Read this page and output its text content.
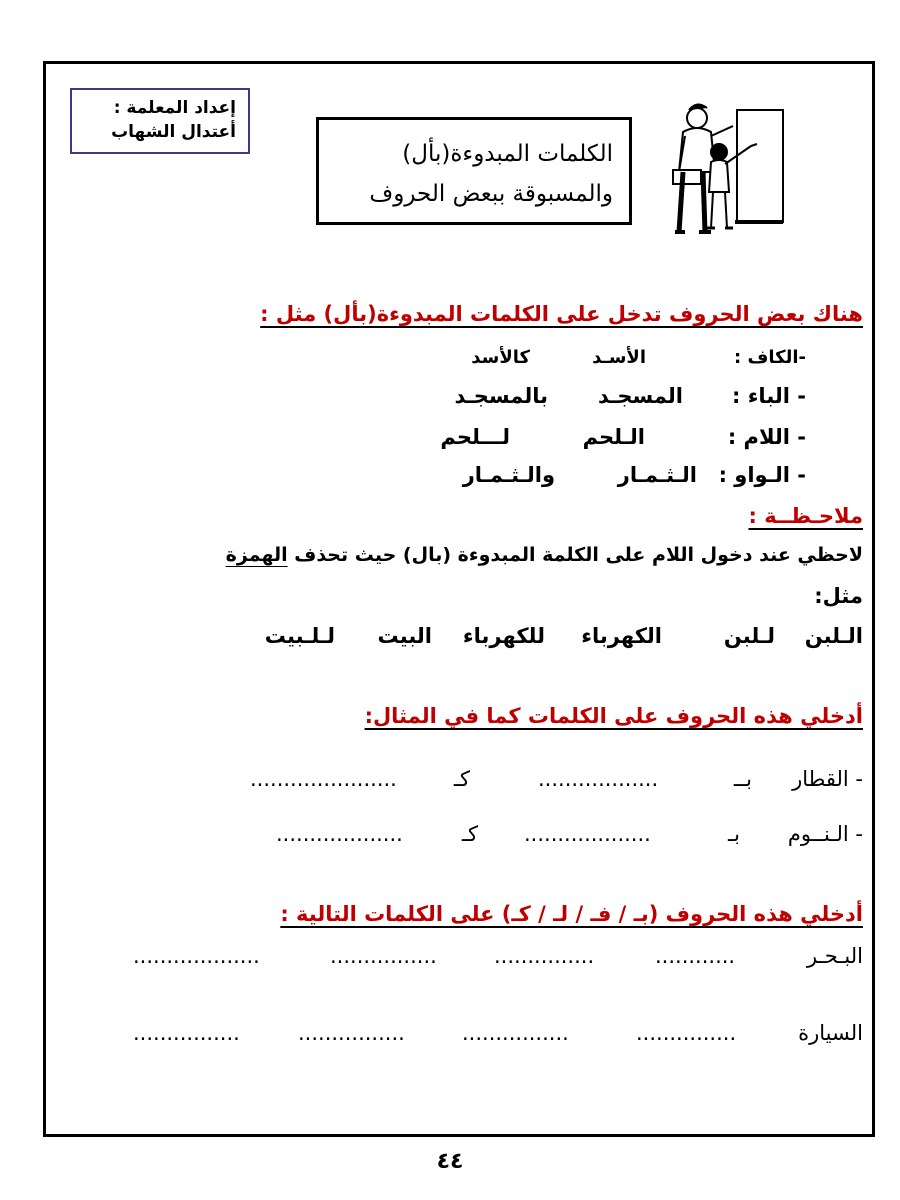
إعداد المعلمة :
أعتدال الشهاب
الكلمات المبدوءة(بأل)
والمسبوقة ببعض الحروف
هناك بعض الحروف تدخل على الكلمات المبدوءة(بأل) مثل :
-الكاف :
الأسـد
كالأسد
- الباء :
المسجـد
بالمسجـد
- اللام :
الـلحم
لـــلحم
- الـواو :
الـثـمـار
والـثـمـار
ملاحـظــة :
لاحظي عند دخول اللام على الكلمة المبدوءة (بال) حيث تحذف الهمزة
مثل:
الـلبن
لـلبن
الكهرباء
للكهرباء
البيت
لـلـبيت
أدخلي هذه الحروف على الكلمات كما في المثال:
- القطار
بــ
..................
كـ
......................
- الـنــوم
بـ
...................
كـ
...................
أدخلي هذه الحروف (بـ / فـ / لـ / كـ) على الكلمات التالية :
البـحـر
............
...............
................
...................
السيارة
...............
................
................
................
٤٤
